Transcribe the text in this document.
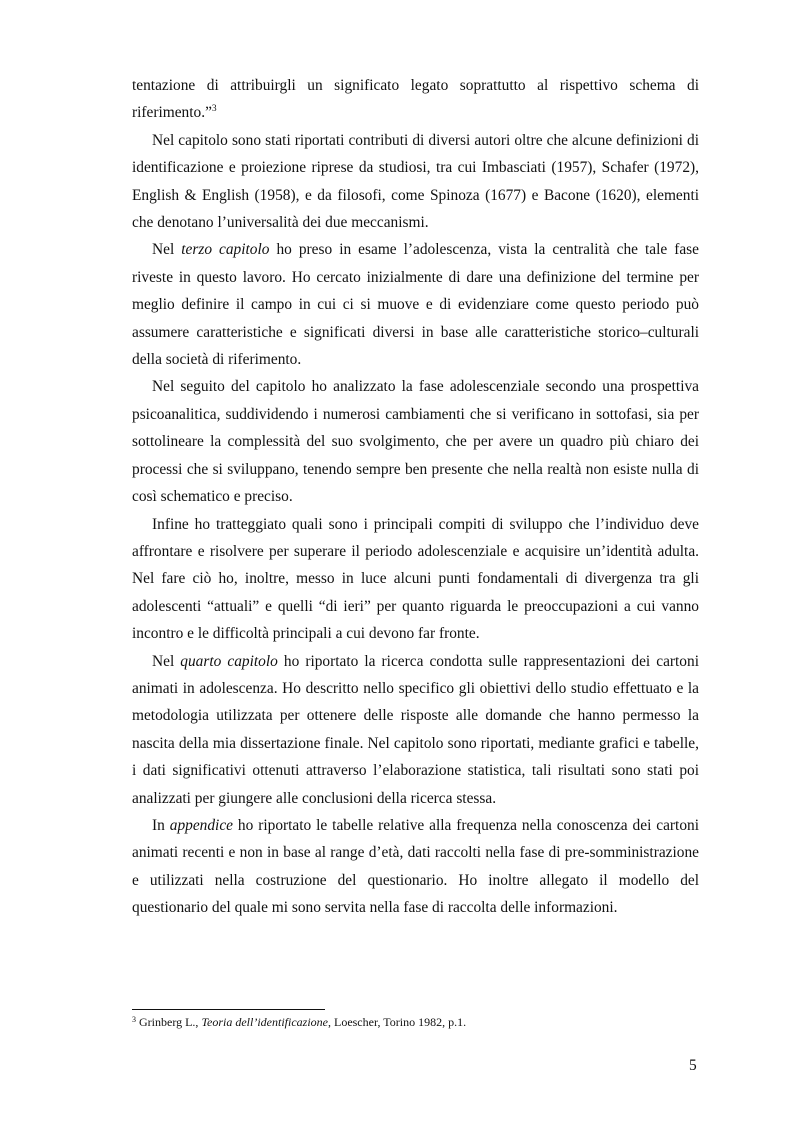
tentazione di attribuirgli un significato legato soprattutto al rispettivo schema di riferimento.”$^3$

Nel capitolo sono stati riportati contributi di diversi autori oltre che alcune definizioni di identificazione e proiezione riprese da studiosi, tra cui Imbasciati (1957), Schafer (1972), English & English (1958), e da filosofi, come Spinoza (1677) e Bacone (1620), elementi che denotano l’universalità dei due meccanismi.

Nel terzo capitolo ho preso in esame l’adolescenza, vista la centralità che tale fase riveste in questo lavoro. Ho cercato inizialmente di dare una definizione del termine per meglio definire il campo in cui ci si muove e di evidenziare come questo periodo può assumere caratteristiche e significati diversi in base alle caratteristiche storico–culturali della società di riferimento.

Nel seguito del capitolo ho analizzato la fase adolescenziale secondo una prospettiva psicoanalitica, suddividendo i numerosi cambiamenti che si verificano in sottofasi, sia per sottolineare la complessità del suo svolgimento, che per avere un quadro più chiaro dei processi che si sviluppano, tenendo sempre ben presente che nella realtà non esiste nulla di così schematico e preciso.

Infine ho tratteggiato quali sono i principali compiti di sviluppo che l’individuo deve affrontare e risolvere per superare il periodo adolescenziale e acquisire un’identità adulta. Nel fare ciò ho, inoltre, messo in luce alcuni punti fondamentali di divergenza tra gli adolescenti “attuali” e quelli “di ieri” per quanto riguarda le preoccupazioni a cui vanno incontro e le difficoltà principali a cui devono far fronte.

Nel quarto capitolo ho riportato la ricerca condotta sulle rappresentazioni dei cartoni animati in adolescenza. Ho descritto nello specifico gli obiettivi dello studio effettuato e la metodologia utilizzata per ottenere delle risposte alle domande che hanno permesso la nascita della mia dissertazione finale. Nel capitolo sono riportati, mediante grafici e tabelle, i dati significativi ottenuti attraverso l’elaborazione statistica, tali risultati sono stati poi analizzati per giungere alle conclusioni della ricerca stessa.

In appendice ho riportato le tabelle relative alla frequenza nella conoscenza dei cartoni animati recenti e non in base al range d’età, dati raccolti nella fase di pre-somministrazione e utilizzati nella costruzione del questionario. Ho inoltre allegato il modello del questionario del quale mi sono servita nella fase di raccolta delle informazioni.

$^3$ Grinberg L., Teoria dell’identificazione, Loescher, Torino 1982, p.1.
5
